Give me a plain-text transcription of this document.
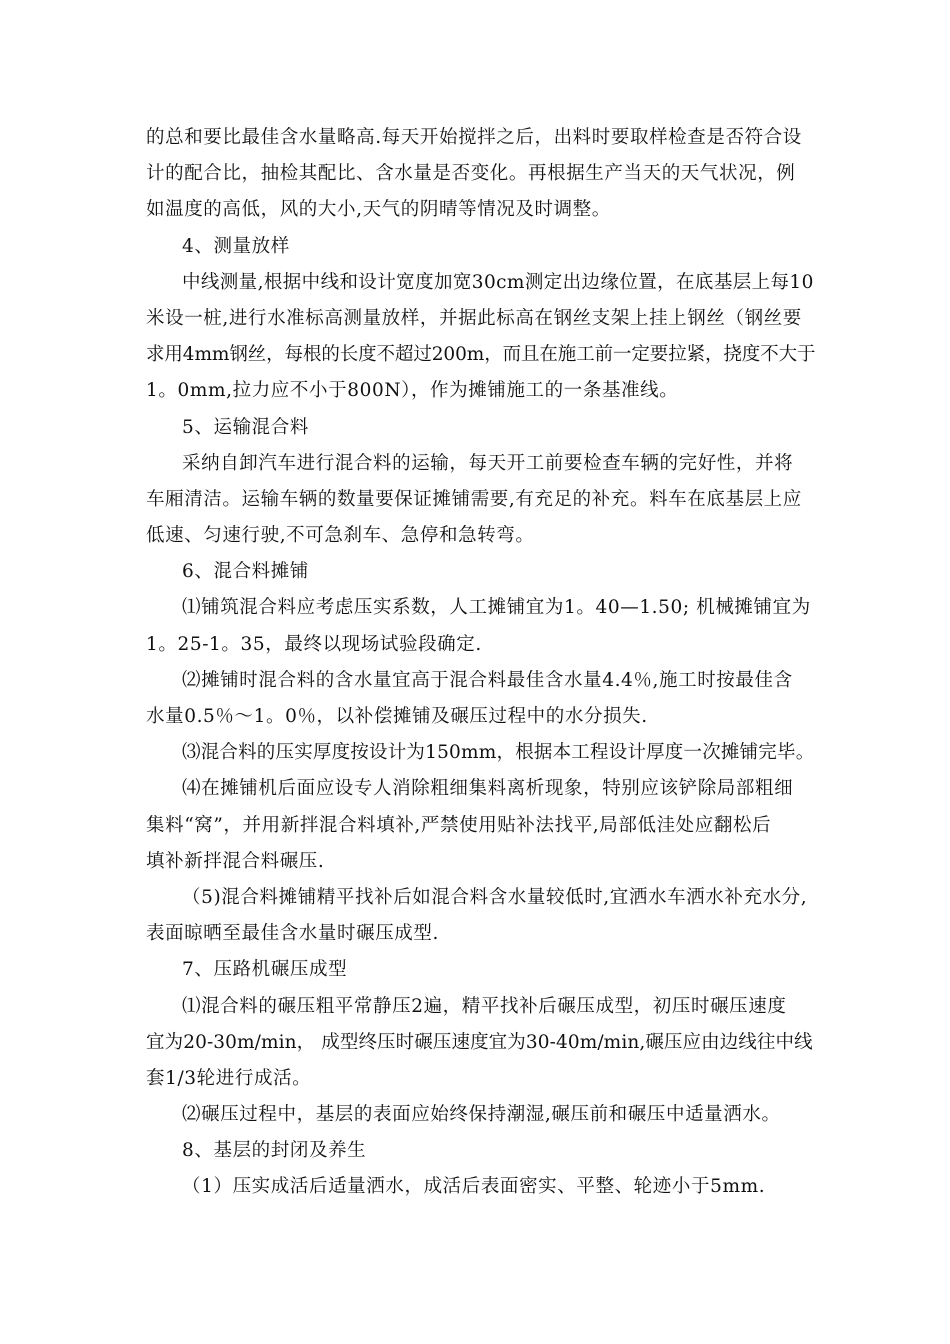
的总和要比最佳含水量略高.每天开始搅拌之后，出料时要取样检查是否符合设
计的配合比，抽检其配比、含水量是否变化。再根据生产当天的天气状况，例
如温度的高低，风的大小,天气的阴晴等情况及时调整。
4、测量放样
中线测量,根据中线和设计宽度加宽30cm测定出边缘位置，在底基层上每10
米设一桩,进行水准标高测量放样，并据此标高在钢丝支架上挂上钢丝（钢丝要
求用4mm钢丝，每根的长度不超过200m，而且在施工前一定要拉紧，挠度不大于
1。0mm,拉力应不小于800N），作为摊铺施工的一条基准线。
5、运输混合料
采纳自卸汽车进行混合料的运输，每天开工前要检查车辆的完好性，并将
车厢清洁。运输车辆的数量要保证摊铺需要,有充足的补充。料车在底基层上应
低速、匀速行驶,不可急刹车、急停和急转弯。
6、混合料摊铺
⑴铺筑混合料应考虑压实系数，人工摊铺宜为1。40—1.50; 机械摊铺宜为
1。25-1。35，最终以现场试验段确定.
⑵摊铺时混合料的含水量宜高于混合料最佳含水量4.4％,施工时按最佳含
水量0.5％～1。0％，以补偿摊铺及碾压过程中的水分损失.
⑶混合料的压实厚度按设计为150mm，根据本工程设计厚度一次摊铺完毕。
⑷在摊铺机后面应设专人消除粗细集料离析现象，特别应该铲除局部粗细
集料“窝”，并用新拌混合料填补,严禁使用贴补法找平,局部低洼处应翻松后
填补新拌混合料碾压.
（5)混合料摊铺精平找补后如混合料含水量较低时,宜洒水车洒水补充水分,
表面晾晒至最佳含水量时碾压成型.
7、压路机碾压成型
⑴混合料的碾压粗平常静压2遍，精平找补后碾压成型，初压时碾压速度
宜为20-30m/min， 成型终压时碾压速度宜为30-40m/min,碾压应由边线往中线
套1/3轮进行成活。
⑵碾压过程中，基层的表面应始终保持潮湿,碾压前和碾压中适量洒水。
8、基层的封闭及养生
（1）压实成活后适量洒水，成活后表面密实、平整、轮迹小于5mm.
